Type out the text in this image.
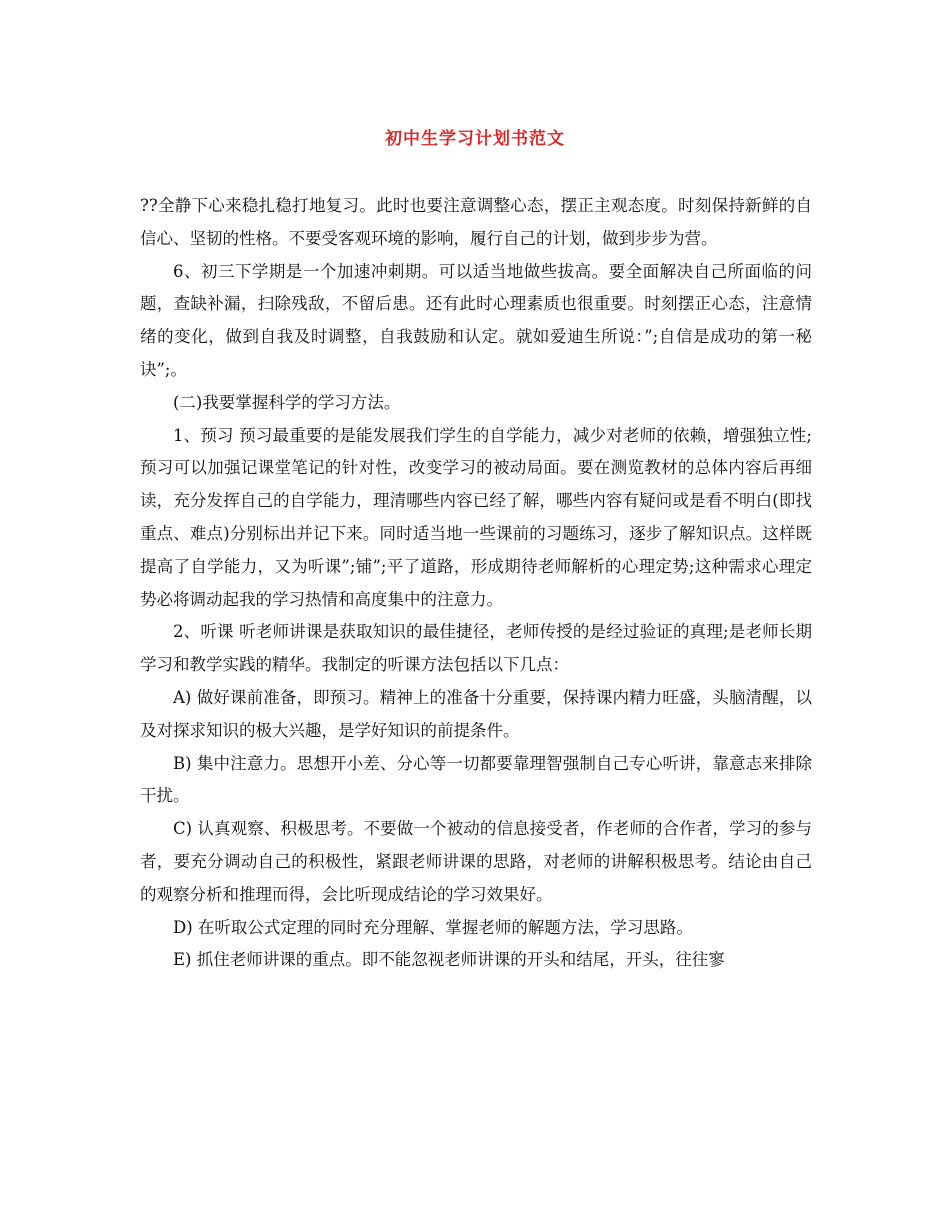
初中生学习计划书范文

??全静下心来稳扎稳打地复习。此时也要注意调整心态，摆正主观态度。时刻保持新鲜的自信心、坚韧的性格。不要受客观环境的影响，履行自己的计划，做到步步为营。

6、初三下学期是一个加速冲刺期。可以适当地做些拔高。要全面解决自己所面临的问题，查缺补漏，扫除残敌，不留后患。还有此时心理素质也很重要。时刻摆正心态，注意情绪的变化，做到自我及时调整，自我鼓励和认定。就如爱迪生所说：”;自信是成功的第一秘诀”;。

(二)我要掌握科学的学习方法。

1、预习 预习最重要的是能发展我们学生的自学能力，减少对老师的依赖，增强独立性;预习可以加强记课堂笔记的针对性，改变学习的被动局面。要在测览教材的总体内容后再细读，充分发挥自己的自学能力，理清哪些内容已经了解，哪些内容有疑问或是看不明白(即找重点、难点)分别标出并记下来。同时适当地一些课前的习题练习，逐步了解知识点。这样既提高了自学能力，又为听课”;铺”;平了道路，形成期待老师解析的心理定势;这种需求心理定势必将调动起我的学习热情和高度集中的注意力。

2、听课 听老师讲课是获取知识的最佳捷径，老师传授的是经过验证的真理;是老师长期学习和教学实践的精华。我制定的听课方法包括以下几点：

A) 做好课前准备，即预习。精神上的准备十分重要，保持课内精力旺盛，头脑清醒，以及对探求知识的极大兴趣，是学好知识的前提条件。

B) 集中注意力。思想开小差、分心等一切都要靠理智强制自己专心听讲，靠意志来排除干扰。

C) 认真观察、积极思考。不要做一个被动的信息接受者，作老师的合作者，学习的参与者，要充分调动自己的积极性，紧跟老师讲课的思路，对老师的讲解积极思考。结论由自己的观察分析和推理而得，会比听现成结论的学习效果好。

D) 在听取公式定理的同时充分理解、掌握老师的解题方法，学习思路。

E) 抓住老师讲课的重点。即不能忽视老师讲课的开头和结尾，开头，往往寥
